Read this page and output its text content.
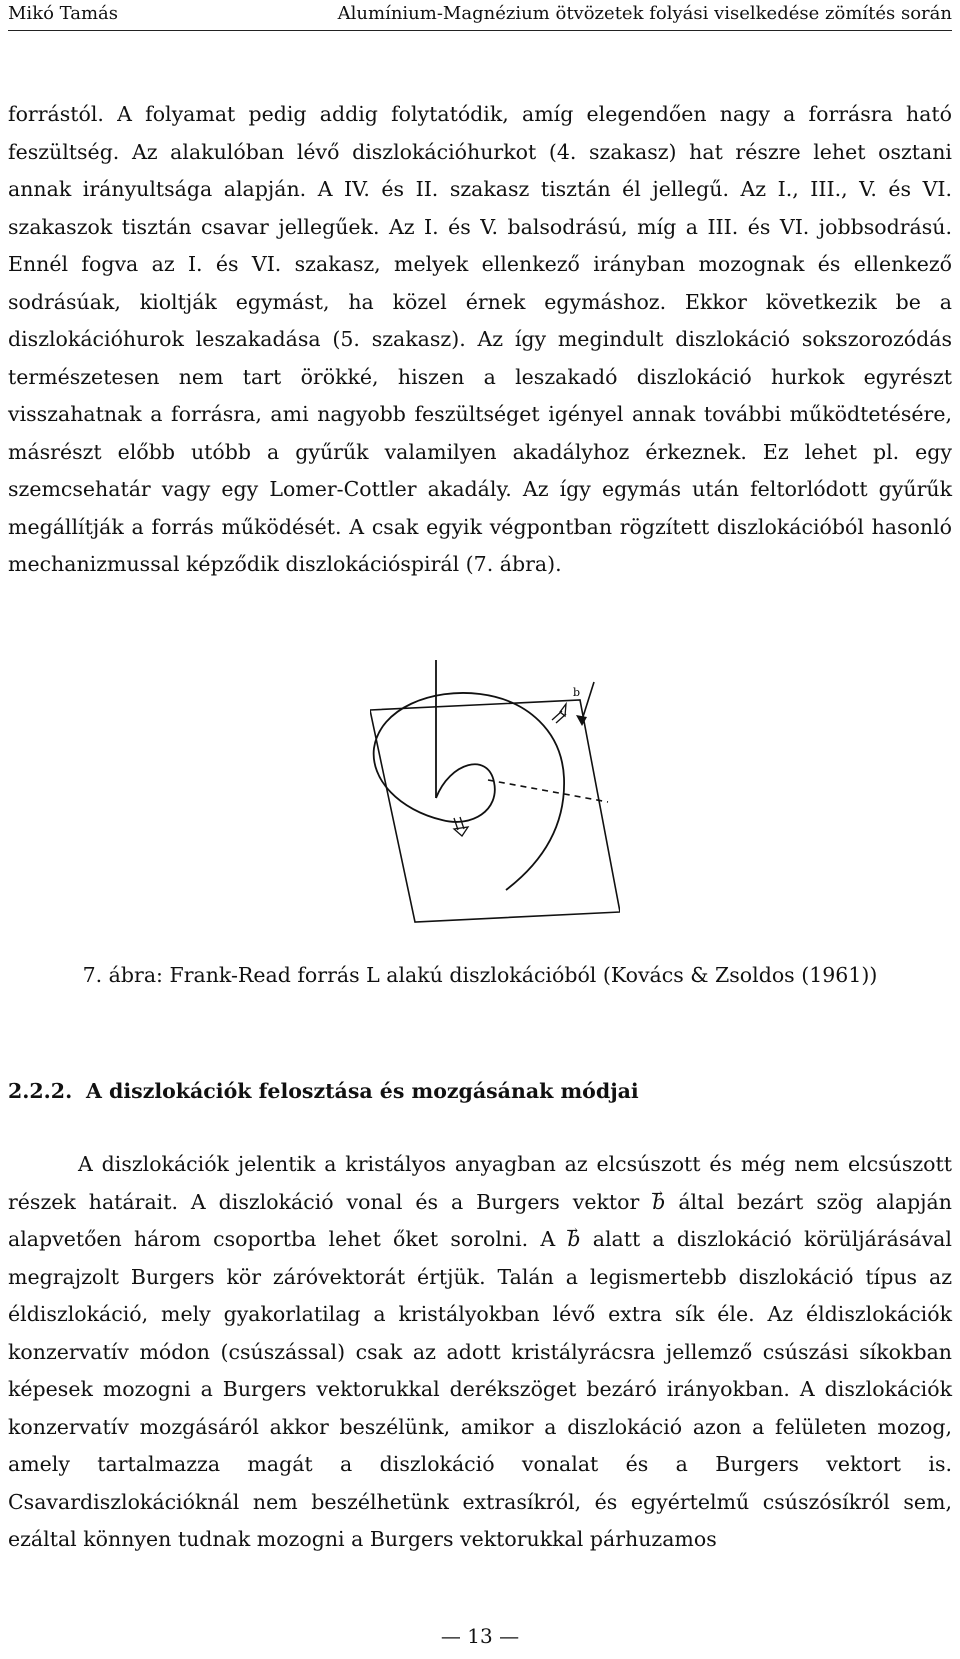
Mikó Tamás	Alumínium-Magnézium ötvözetek folyási viselkedése zömítés során
forrástól. A folyamat pedig addig folytatódik, amíg elegendően nagy a forrásra ható feszültség. Az alakulóban lévő diszlokációhurkot (4. szakasz) hat részre lehet osztani annak irányultsága alapján. A IV. és II. szakasz tisztán él jellegű. Az I., III., V. és VI. szakaszok tisztán csavar jellegűek. Az I. és V. balsodrású, míg a III. és VI. jobbsodrású. Ennél fogva az I. és VI. szakasz, melyek ellenkező irányban mozognak és ellenkező sodrásúak, kioltják egymást, ha közel érnek egymáshoz. Ekkor következik be a diszlokációhurok leszakadása (5. szakasz). Az így megindult diszlokáció sokszorozódás természetesen nem tart örökké, hiszen a leszakadó diszlokáció hurkok egyrészt visszahatnak a forrásra, ami nagyobb feszültséget igényel annak további működtetésére, másrészt előbb utóbb a gyűrűk valamilyen akadályhoz érkeznek. Ez lehet pl. egy szemcsehatár vagy egy Lomer-Cottler akadály. Az így egymás után feltorlódott gyűrűk megállítják a forrás működését. A csak egyik végpontban rögzített diszlokációból hasonló mechanizmussal képződik diszlokációspirál (7. ábra).
b
7. ábra: Frank-Read forrás L alakú diszlokációból (Kovács & Zsoldos (1961))
2.2.2. A diszlokációk felosztása és mozgásának módjai
A diszlokációk jelentik a kristályos anyagban az elcsúszott és még nem elcsúszott részek határait. A diszlokáció vonal és a Burgers vektor → b által bezárt szög alapján alapvetően három csoportba lehet őket sorolni. A → b alatt a diszlokáció körüljárásával megrajzolt Burgers kör záróvektorát értjük. Talán a legismertebb diszlokáció típus az éldiszlokáció, mely gyakorlatilag a kristályokban lévő extra sík éle. Az éldiszlokációk konzervatív módon (csúszással) csak az adott kristályrácsra jellemző csúszási síkokban képesek mozogni a Burgers vektorukkal derékszöget bezáró irányokban. A diszlokációk konzervatív mozgásáról akkor beszélünk, amikor a diszlokáció azon a felületen mozog, amely tartalmazza magát a diszlokáció vonalat és a Burgers vektort is. Csavardiszlokációknál nem beszélhetünk extrasíkról, és egyértelmű csúszósíkról sem, ezáltal könnyen tudnak mozogni a Burgers vektorukkal párhuzamos
— 13 —
